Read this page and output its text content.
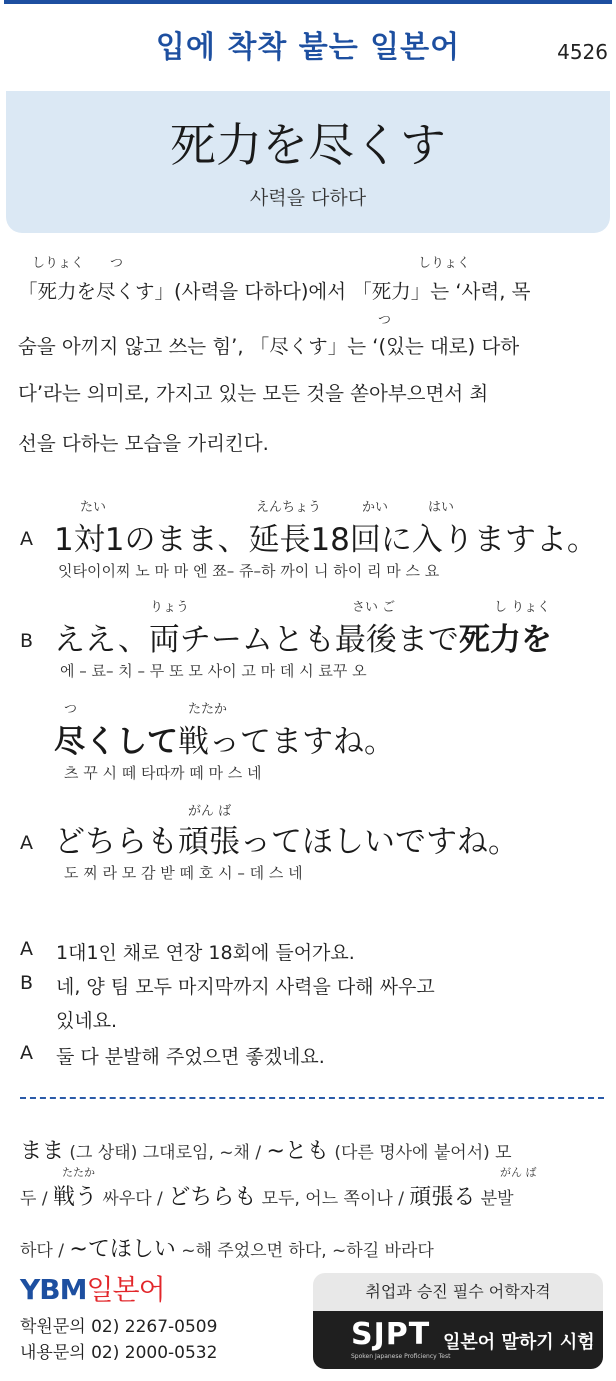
입에 착착 붙는 일본어	4526
死力を尽くす
사력을 다하다
しりょく つ	しりょく
つ
「死力を尽くす」(사력을 다하다)에서 「死力」는 ‘사력, 목
숨을 아끼지 않고 쓰는 힘’, 「尽くす」는 ‘(있는 대로) 다하
다’라는 의미로, 가지고 있는 모든 것을 쏟아부으면서 최
선을 다하는 모습을 가리킨다.
たい	えんちょう	かい	はい
A 1対1のまま、延長18回に入りますよ。
잇타이이찌 노 마 마 엔 쬬– 쥬–하 까이 니 하이 리 마 스 요
りょう	さい ご	し りょく
B ええ、両チームとも最後まで死力を
에 – 료– 치 – 무 또 모 사이 고 마 데 시 료꾸 오
つ	たたか
尽くして戦ってますね。
츠 꾸 시 떼 타따까 떼 마 스 네
がん ば
A どちらも頑張ってほしいですね。
도 찌 라 모 감 받 떼 호 시 – 데 스 네
A 1대1인 채로 연장 18회에 들어가요.
B 네, 양 팀 모두 마지막까지 사력을 다해 싸우고
있네요.
A 둘 다 분발해 주었으면 좋겠네요.
まま (그 상태) 그대로임, ~채 / ~とも (다른 명사에 붙어서) 모
たたか	がん ば
두 / 戦う 싸우다 / どちらも 모두, 어느 쪽이나 / 頑張る 분발
하다 / ~てほしい ~해 주었으면 하다, ~하길 바라다
YBM일본어
학원문의 02) 2267-0509
내용문의 02) 2000-0532
취업과 승진 필수 어학자격
SJPT
Spoken Japanese Proficiency Test
일본어 말하기 시험
